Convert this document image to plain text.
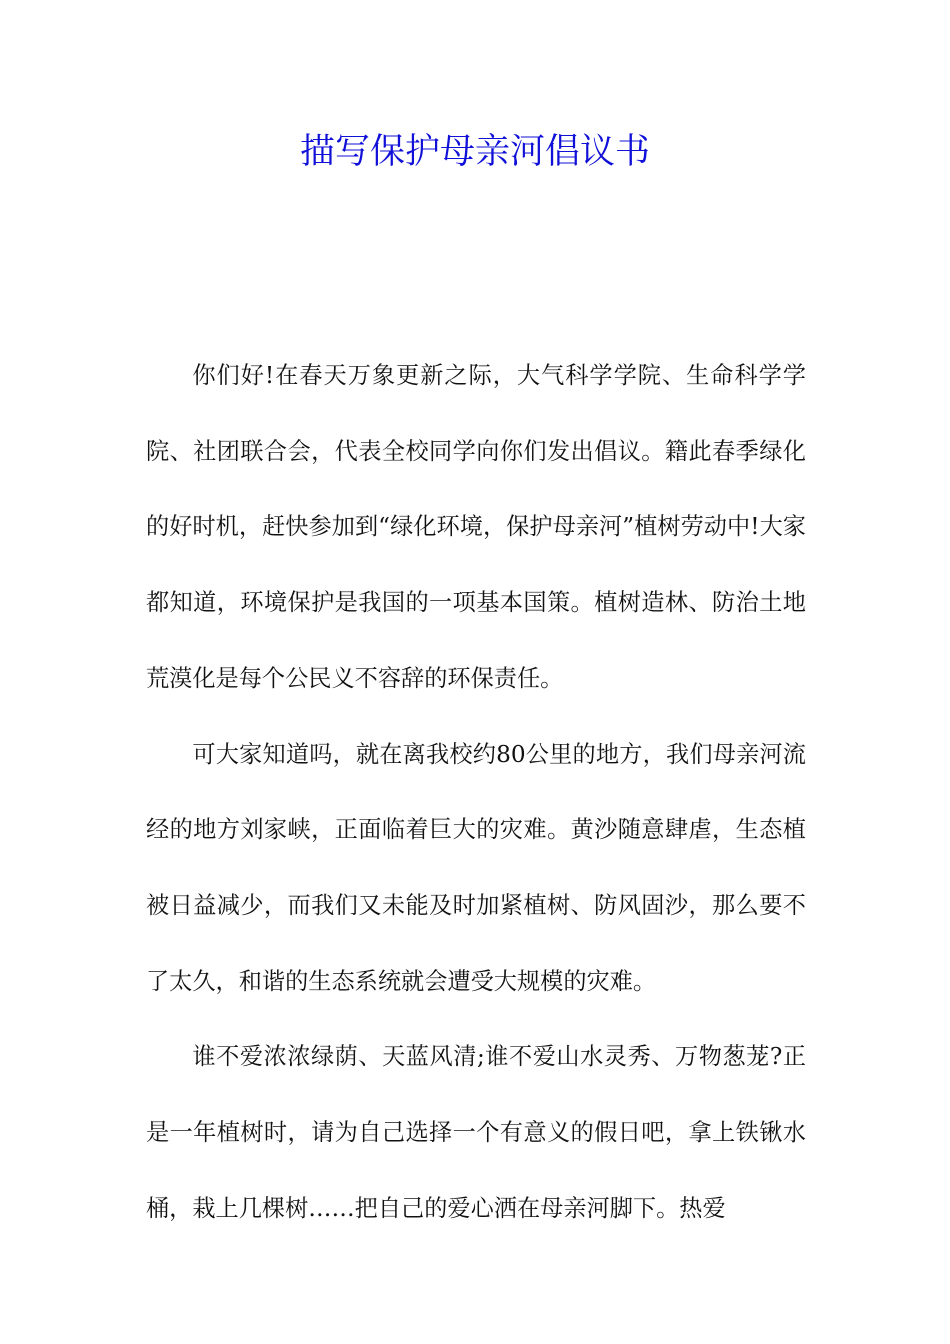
描写保护母亲河倡议书

你们好!在春天万象更新之际，大气科学学院、生命科学学院、社团联合会，代表全校同学向你们发出倡议。籍此春季绿化的好时机，赶快参加到“绿化环境，保护母亲河”植树劳动中!大家都知道，环境保护是我国的一项基本国策。植树造林、防治土地荒漠化是每个公民义不容辞的环保责任。

可大家知道吗，就在离我校约80公里的地方，我们母亲河流经的地方刘家峡，正面临着巨大的灾难。黄沙随意肆虐，生态植被日益减少，而我们又未能及时加紧植树、防风固沙，那么要不了太久，和谐的生态系统就会遭受大规模的灾难。

谁不爱浓浓绿荫、天蓝风清;谁不爱山水灵秀、万物葱茏?正是一年植树时，请为自己选择一个有意义的假日吧，拿上铁锹水桶，栽上几棵树……把自己的爱心洒在母亲河脚下。热爱
